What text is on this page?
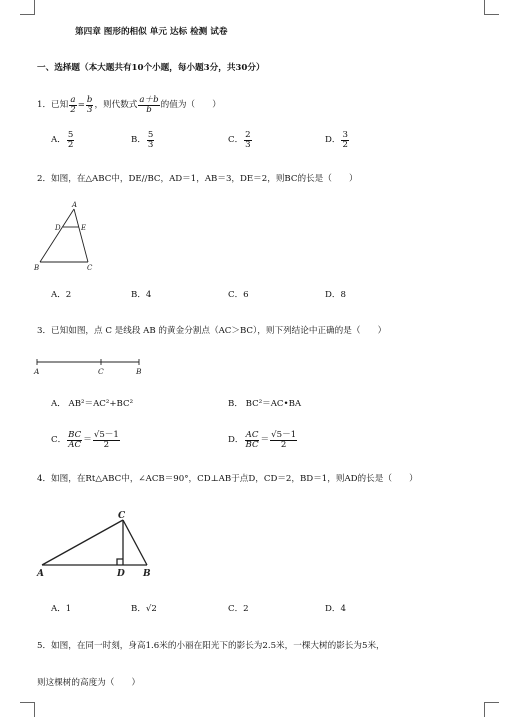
第四章 图形的相似 单元 达标 检测 试卷
一、选择题（本大题共有10个小题，每小题3分，共30分）
1．已知 $\frac{a}{2} = \frac{b}{3}$ ，则代数式 $\frac{a+b}{b}$ 的值为（　　）
A． $\frac{5}{2}$	B． $\frac{5}{3}$	C． $\frac{2}{3}$	D． $\frac{3}{2}$
2．如图，在△ABC中，DE//BC，AD＝1，AB＝3，DE＝2，则BC的长是（　　）
A
D	E
B	C
A．2	B．4	C．6	D．8
3．已知如图，点 C 是线段 AB 的黄金分割点（AC＞BC），则下列结论中正确的是（　　）
A	C	B
A． AB²＝AC²+BC²	B． BC²＝AC•BA
C． $\frac{BC}{AC} = \frac{√5-1}{2}$	D． $\frac{AC}{BC} = \frac{√5-1}{2}$
4．如图，在Rt△ABC中，∠ACB＝90°，CD⊥AB于点D，CD＝2，BD＝1，则AD的长是（　　）
C
A	D B
A．1	B．√2	C．2	D．4
5．如图，在同一时刻，身高1.6米的小丽在阳光下的影长为2.5米，一棵大树的影长为5米，
则这棵树的高度为（　　）
